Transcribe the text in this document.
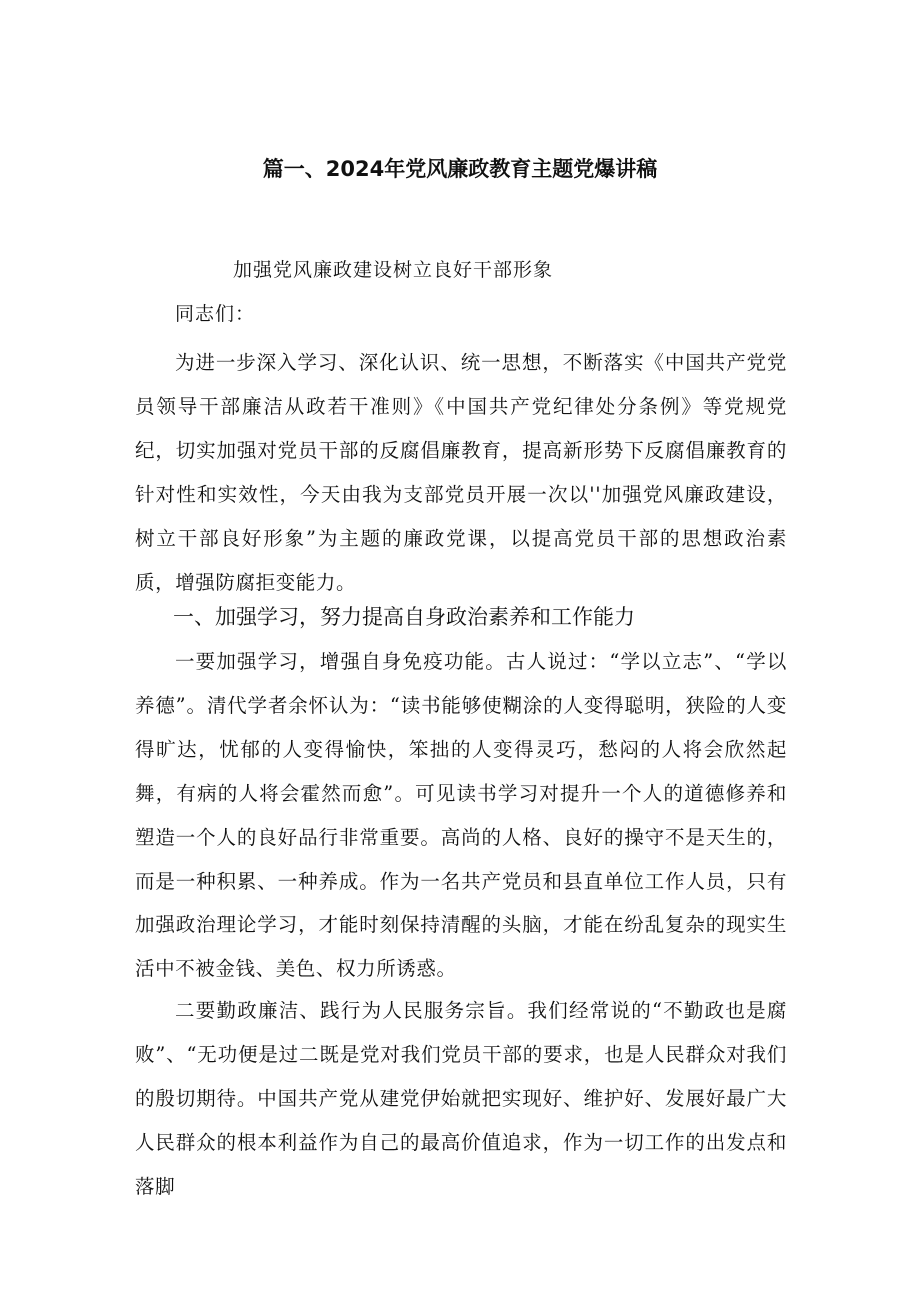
篇一、2024年党风廉政教育主题党爆讲稿
加强党风廉政建设树立良好干部形象
同志们：
为进一步深入学习、深化认识、统一思想，不断落实《中国共产党党员领导干部廉洁从政若干准则》《中国共产党纪律处分条例》等党规党纪，切实加强对党员干部的反腐倡廉教育，提高新形势下反腐倡廉教育的针对性和实效性，今天由我为支部党员开展一次以''加强党风廉政建设，树立干部良好形象”为主题的廉政党课，以提高党员干部的思想政治素质，增强防腐拒变能力。
一、加强学习，努力提高自身政治素养和工作能力
一要加强学习，增强自身免疫功能。古人说过：“学以立志”、“学以养德”。清代学者余怀认为：“读书能够使糊涂的人变得聪明，狭险的人变得旷达，忧郁的人变得愉快，笨拙的人变得灵巧，愁闷的人将会欣然起舞，有病的人将会霍然而愈”。可见读书学习对提升一个人的道德修养和塑造一个人的良好品行非常重要。高尚的人格、良好的操守不是天生的，而是一种积累、一种养成。作为一名共产党员和县直单位工作人员，只有加强政治理论学习，才能时刻保持清醒的头脑，才能在纷乱复杂的现实生活中不被金钱、美色、权力所诱惑。
二要勤政廉洁、践行为人民服务宗旨。我们经常说的“不勤政也是腐败”、“无功便是过二既是党对我们党员干部的要求，也是人民群众对我们的殷切期待。中国共产党从建党伊始就把实现好、维护好、发展好最广大人民群众的根本利益作为自己的最高价值追求，作为一切工作的出发点和落脚
